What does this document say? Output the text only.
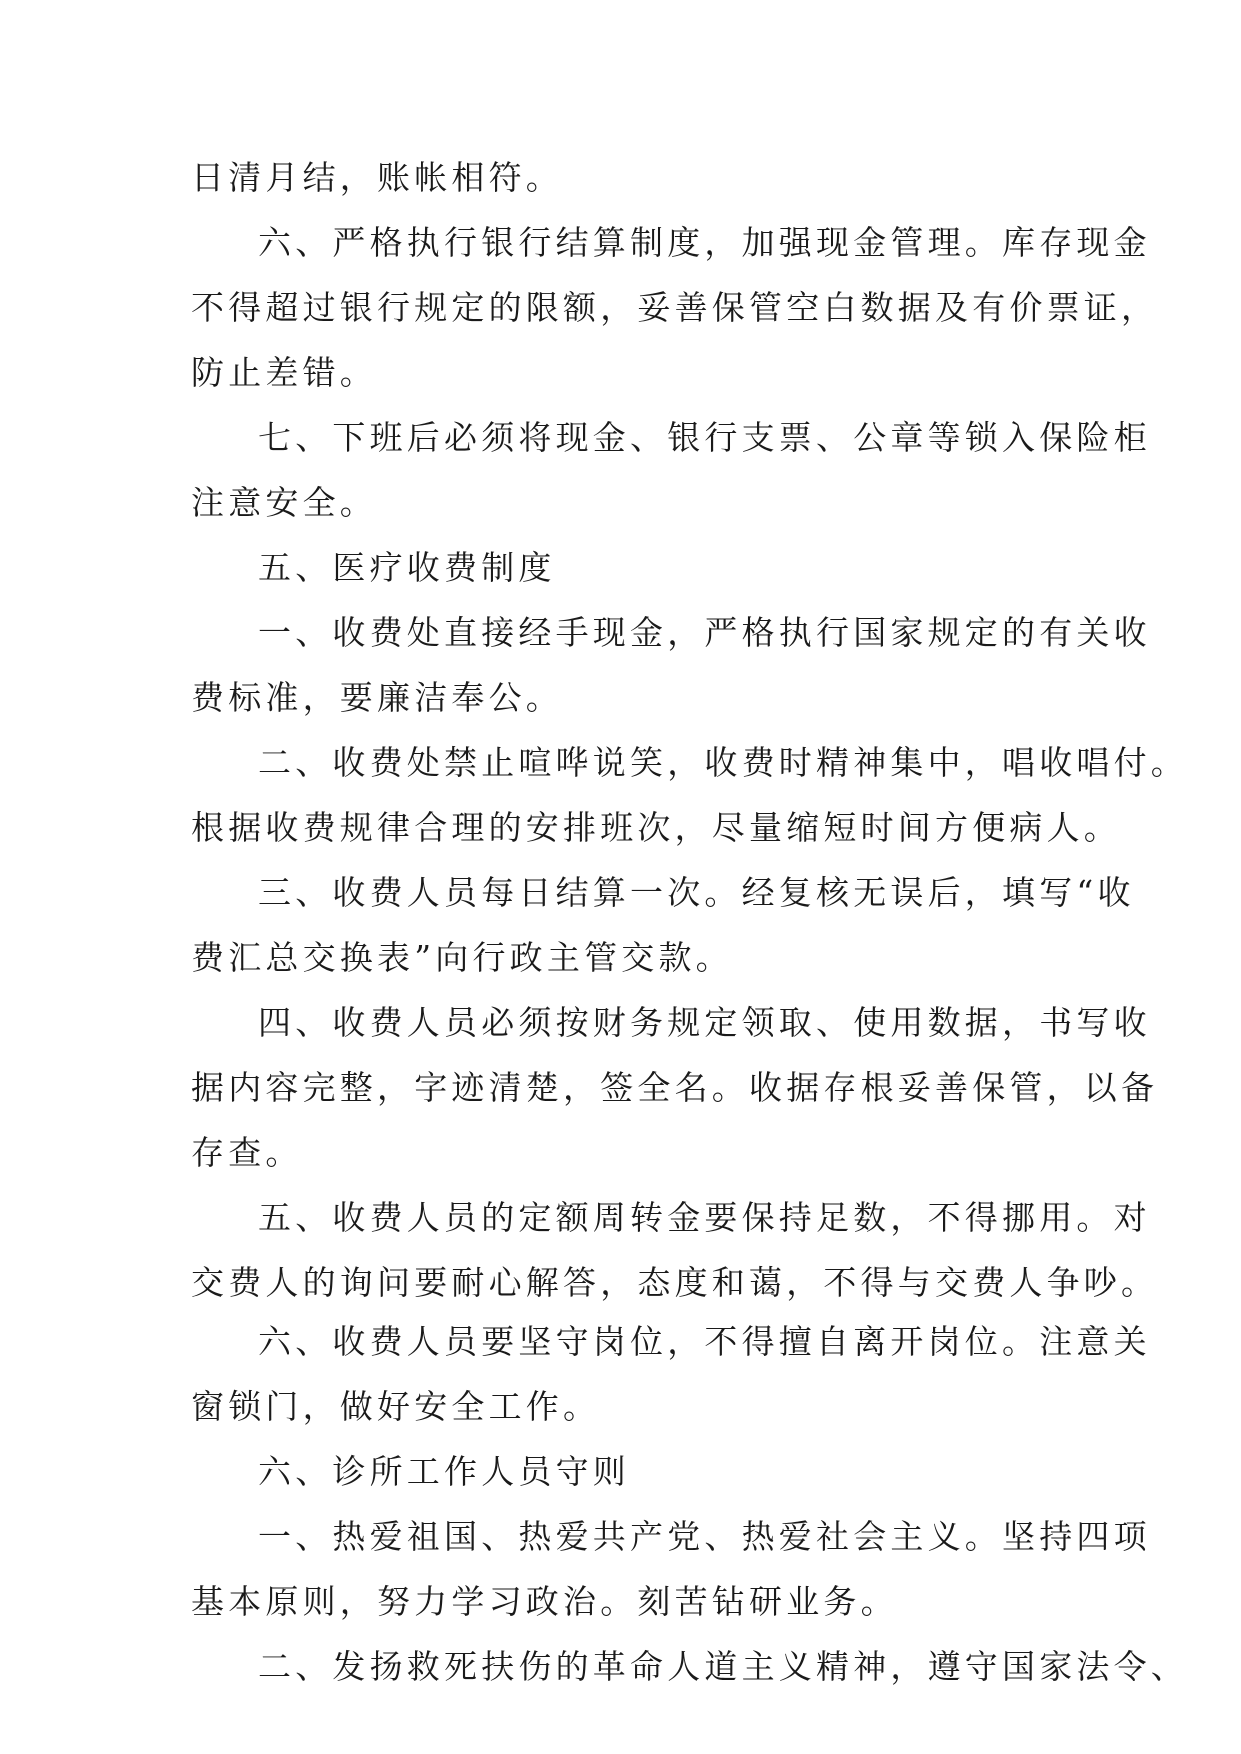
日清月结，账帐相符。
六、严格执行银行结算制度，加强现金管理。库存现金
不得超过银行规定的限额，妥善保管空白数据及有价票证，
防止差错。
七、下班后必须将现金、银行支票、公章等锁入保险柜
注意安全。
五、医疗收费制度
一、收费处直接经手现金，严格执行国家规定的有关收
费标准，要廉洁奉公。
二、收费处禁止喧哗说笑，收费时精神集中，唱收唱付。
根据收费规律合理的安排班次，尽量缩短时间方便病人。
三、收费人员每日结算一次。经复核无误后，填写“收
费汇总交换表”向行政主管交款。
四、收费人员必须按财务规定领取、使用数据，书写收
据内容完整，字迹清楚，签全名。收据存根妥善保管，以备
存查。
五、收费人员的定额周转金要保持足数，不得挪用。对
交费人的询问要耐心解答，态度和蔼，不得与交费人争吵。
六、收费人员要坚守岗位，不得擅自离开岗位。注意关
窗锁门，做好安全工作。
六、诊所工作人员守则
一、热爱祖国、热爱共产党、热爱社会主义。坚持四项
基本原则，努力学习政治。刻苦钻研业务。
二、发扬救死扶伤的革命人道主义精神，遵守国家法令、
